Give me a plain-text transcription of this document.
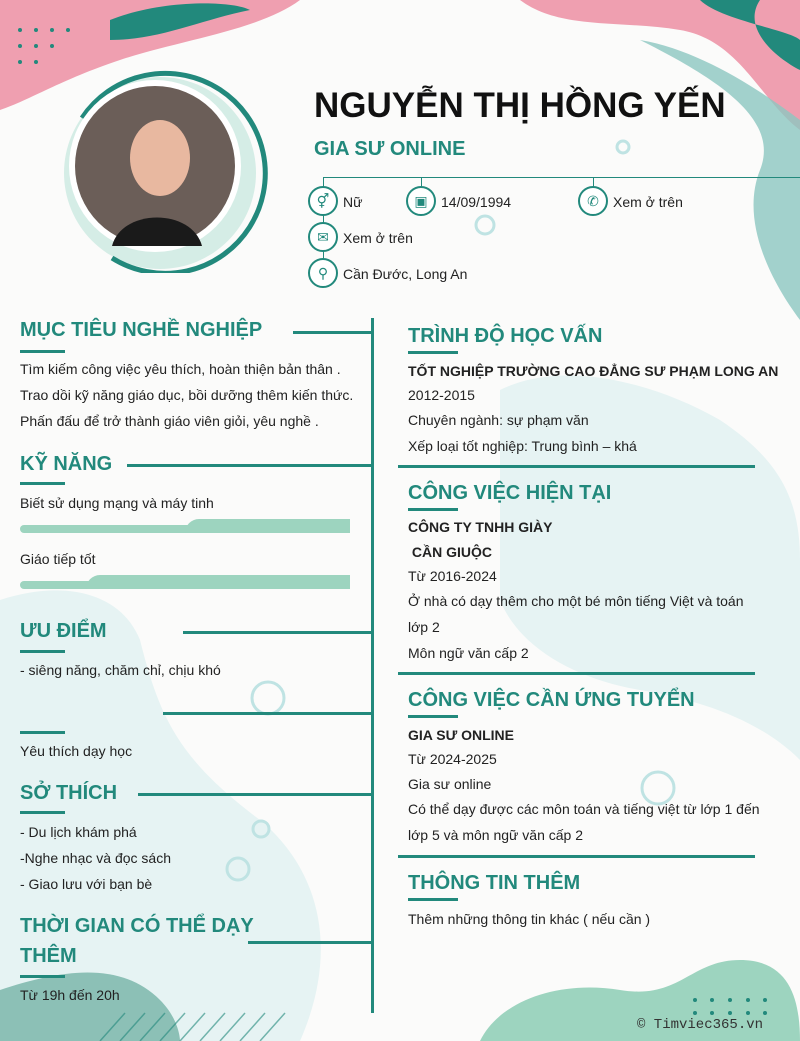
NGUYỄN THỊ HỒNG YẾN
GIA SƯ ONLINE
⚥ Nữ	▣ 14/09/1994	✆	Xem ở trên
✉	Xem ở trên
⚲	Cần Đước, Long An
MỤC TIÊU NGHỀ NGHIỆP
Tìm kiếm công việc yêu thích, hoàn thiện bản thân .
Trao dồi kỹ năng giáo dục, bồi dưỡng thêm kiến thức.
Phấn đấu để trở thành giáo viên giỏi, yêu nghề .
KỸ NĂNG
Biết sử dụng mạng và máy tinh
Giáo tiếp tốt
ƯU ĐIỂM
- siêng năng, chăm chỉ, chịu khó
Yêu thích dạy học
SỞ THÍCH
- Du lịch khám phá
-Nghe nhạc và đọc sách
- Giao lưu với bạn bè
THỜI GIAN CÓ THỂ DẠY
THÊM
Từ 19h đến 20h
TRÌNH ĐỘ HỌC VẤN
TỐT NGHIỆP TRƯỜNG CAO ĐẲNG SƯ PHẠM LONG AN
2012-2015
Chuyên ngành: sự phạm văn
Xếp loại tốt nghiệp: Trung bình – khá
CÔNG VIỆC HIỆN TẠI
CÔNG TY TNHH GIÀY
CẦN GIUỘC
Từ 2016-2024
Ở nhà có dạy thêm cho một bé môn tiếng Việt và toán
lớp 2
Môn ngữ văn cấp 2
CÔNG VIỆC CẦN ỨNG TUYỂN
GIA SƯ ONLINE
Từ 2024-2025
Gia sư online
Có thể dạy được các môn toán và tiếng việt từ lớp 1 đến
lớp 5 và môn ngữ văn cấp 2
THÔNG TIN THÊM
Thêm những thông tin khác ( nếu cần )
© Timviec365.vn
